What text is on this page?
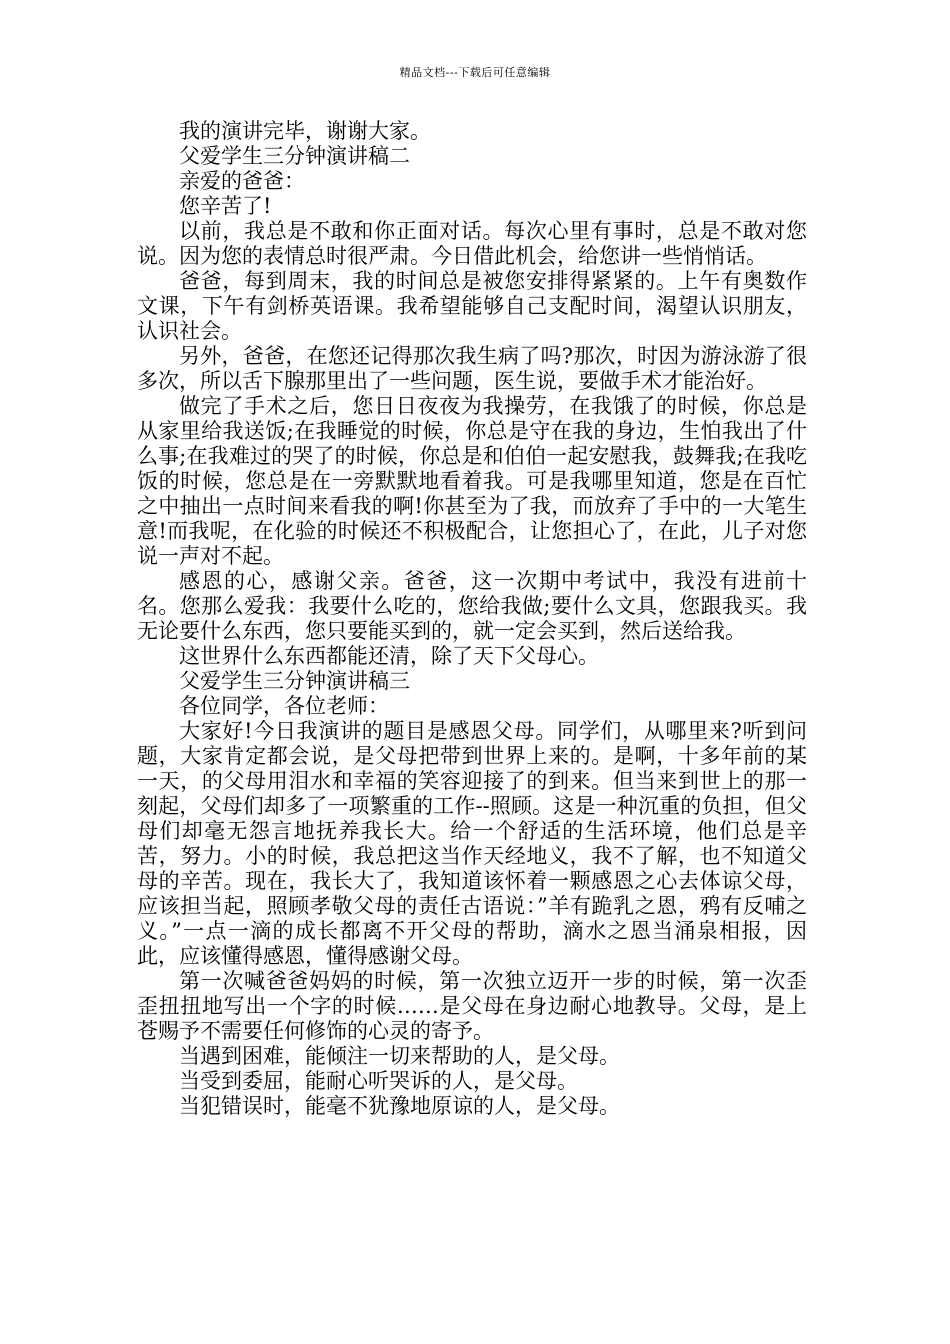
精品文档---下载后可任意编辑

我的演讲完毕，谢谢大家。

父爱学生三分钟演讲稿二

亲爱的爸爸：

您辛苦了!

以前，我总是不敢和你正面对话。每次心里有事时，总是不敢对您说。因为您的表情总时很严肃。今日借此机会，给您讲一些悄悄话。

爸爸，每到周末，我的时间总是被您安排得紧紧的。上午有奥数作文课，下午有剑桥英语课。我希望能够自己支配时间，渴望认识朋友，认识社会。

另外，爸爸，在您还记得那次我生病了吗?那次，时因为游泳游了很多次，所以舌下腺那里出了一些问题，医生说，要做手术才能治好。

做完了手术之后，您日日夜夜为我操劳，在我饿了的时候，你总是从家里给我送饭;在我睡觉的时候，你总是守在我的身边，生怕我出了什么事;在我难过的哭了的时候，你总是和伯伯一起安慰我，鼓舞我;在我吃饭的时候，您总是在一旁默默地看着我。可是我哪里知道，您是在百忙之中抽出一点时间来看我的啊!你甚至为了我，而放弃了手中的一大笔生意!而我呢，在化验的时候还不积极配合，让您担心了，在此，儿子对您说一声对不起。

感恩的心，感谢父亲。爸爸，这一次期中考试中，我没有进前十名。您那么爱我：我要什么吃的，您给我做;要什么文具，您跟我买。我无论要什么东西，您只要能买到的，就一定会买到，然后送给我。

这世界什么东西都能还清，除了天下父母心。

父爱学生三分钟演讲稿三

各位同学，各位老师：

大家好!今日我演讲的题目是感恩父母。同学们，从哪里来?听到问题，大家肯定都会说，是父母把带到世界上来的。是啊，十多年前的某一天，的父母用泪水和幸福的笑容迎接了的到来。但当来到世上的那一刻起，父母们却多了一项繁重的工作--照顾。这是一种沉重的负担，但父母们却毫无怨言地抚养我长大。给一个舒适的生活环境，他们总是辛苦，努力。小的时候，我总把这当作天经地义，我不了解，也不知道父母的辛苦。现在，我长大了，我知道该怀着一颗感恩之心去体谅父母，应该担当起，照顾孝敬父母的责任古语说：”羊有跪乳之恩，鸦有反哺之义。”一点一滴的成长都离不开父母的帮助，滴水之恩当涌泉相报，因此，应该懂得感恩，懂得感谢父母。

第一次喊爸爸妈妈的时候，第一次独立迈开一步的时候，第一次歪歪扭扭地写出一个字的时候……是父母在身边耐心地教导。父母，是上苍赐予不需要任何修饰的心灵的寄予。

当遇到困难，能倾注一切来帮助的人，是父母。

当受到委屈，能耐心听哭诉的人，是父母。

当犯错误时，能毫不犹豫地原谅的人，是父母。
